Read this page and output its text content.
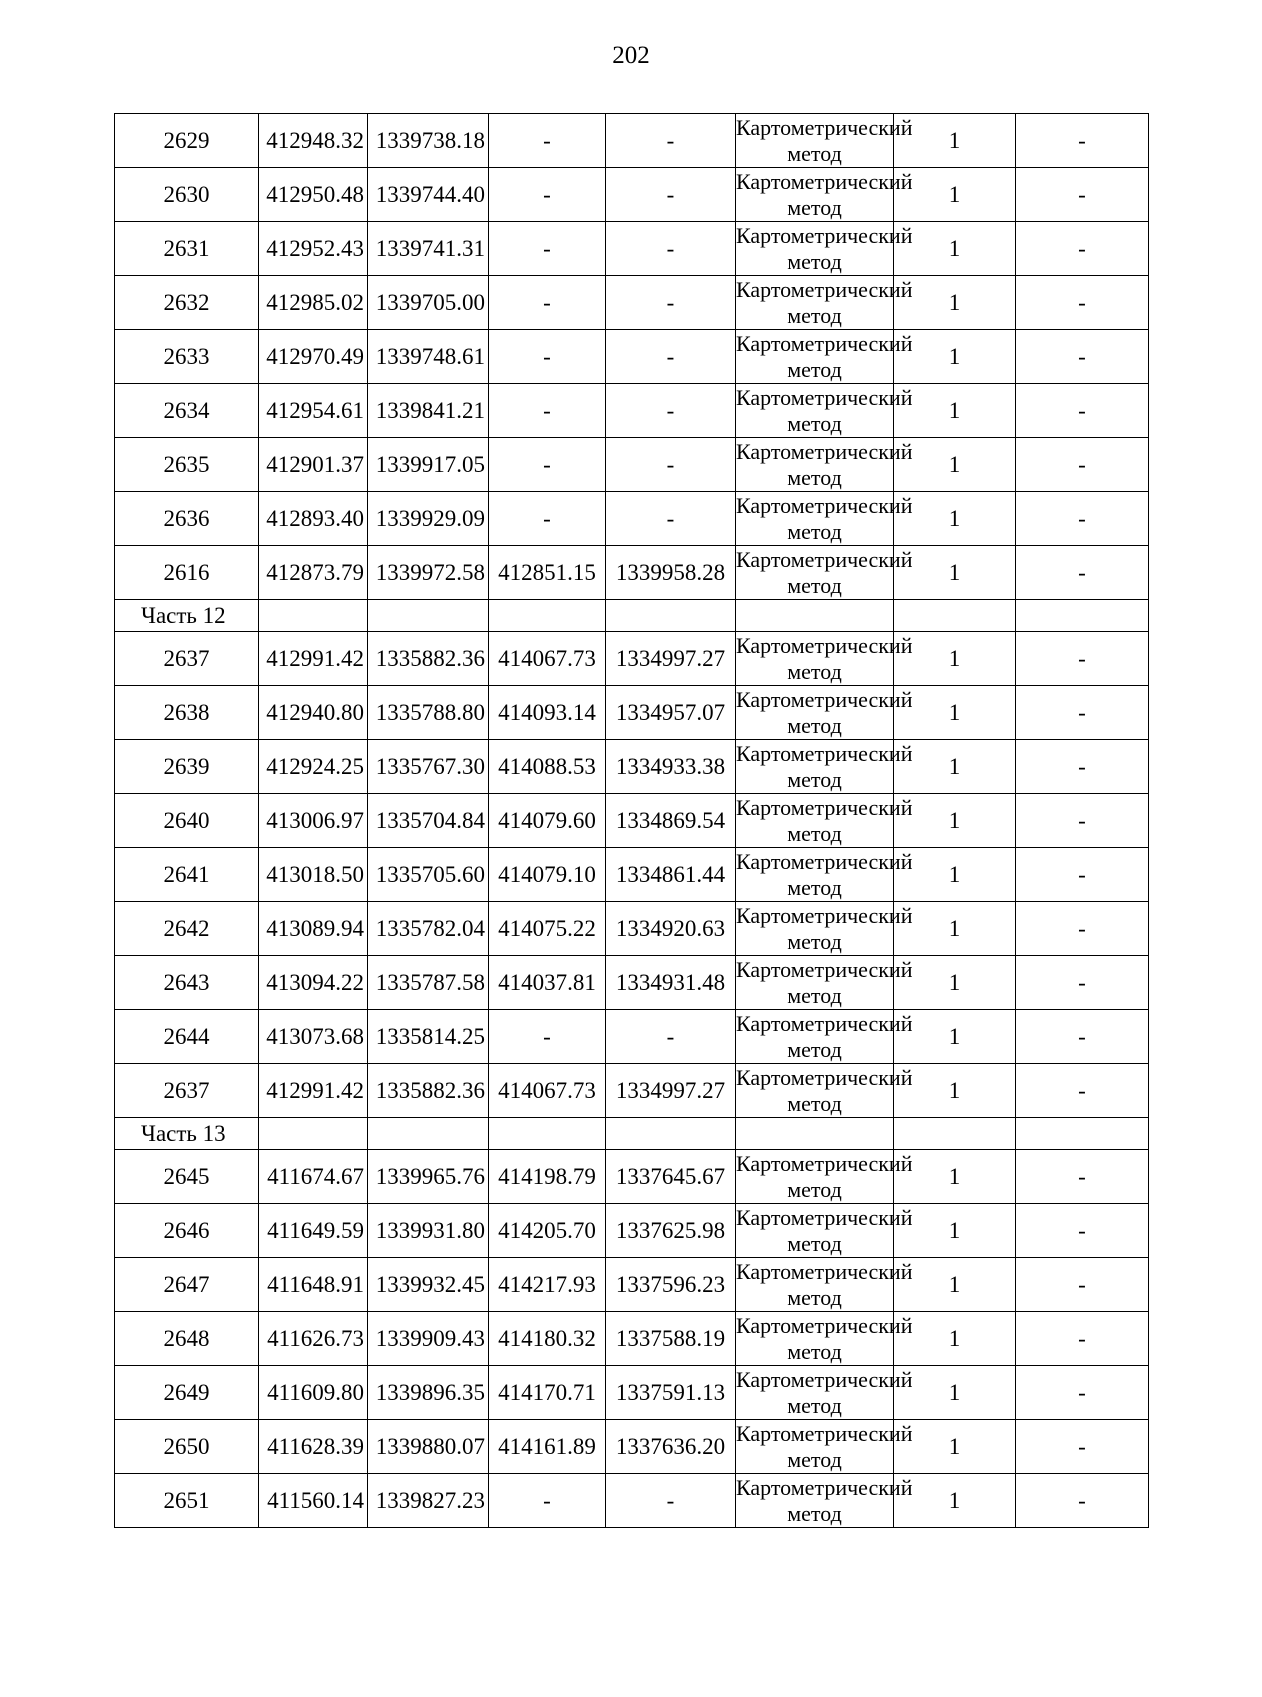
202
2629	412948.32	1339738.18	-	-	Картометрический метод	1	-
2630	412950.48	1339744.40	-	-	Картометрический метод	1	-
2631	412952.43	1339741.31	-	-	Картометрический метод	1	-
2632	412985.02	1339705.00	-	-	Картометрический метод	1	-
2633	412970.49	1339748.61	-	-	Картометрический метод	1	-
2634	412954.61	1339841.21	-	-	Картометрический метод	1	-
2635	412901.37	1339917.05	-	-	Картометрический метод	1	-
2636	412893.40	1339929.09	-	-	Картометрический метод	1	-
2616	412873.79	1339972.58	412851.15	1339958.28	Картометрический метод	1	-
Часть 12							
2637	412991.42	1335882.36	414067.73	1334997.27	Картометрический метод	1	-
2638	412940.80	1335788.80	414093.14	1334957.07	Картометрический метод	1	-
2639	412924.25	1335767.30	414088.53	1334933.38	Картометрический метод	1	-
2640	413006.97	1335704.84	414079.60	1334869.54	Картометрический метод	1	-
2641	413018.50	1335705.60	414079.10	1334861.44	Картометрический метод	1	-
2642	413089.94	1335782.04	414075.22	1334920.63	Картометрический метод	1	-
2643	413094.22	1335787.58	414037.81	1334931.48	Картометрический метод	1	-
2644	413073.68	1335814.25	-	-	Картометрический метод	1	-
2637	412991.42	1335882.36	414067.73	1334997.27	Картометрический метод	1	-
Часть 13							
2645	411674.67	1339965.76	414198.79	1337645.67	Картометрический метод	1	-
2646	411649.59	1339931.80	414205.70	1337625.98	Картометрический метод	1	-
2647	411648.91	1339932.45	414217.93	1337596.23	Картометрический метод	1	-
2648	411626.73	1339909.43	414180.32	1337588.19	Картометрический метод	1	-
2649	411609.80	1339896.35	414170.71	1337591.13	Картометрический метод	1	-
2650	411628.39	1339880.07	414161.89	1337636.20	Картометрический метод	1	-
2651	411560.14	1339827.23	-	-	Картометрический метод	1	-
